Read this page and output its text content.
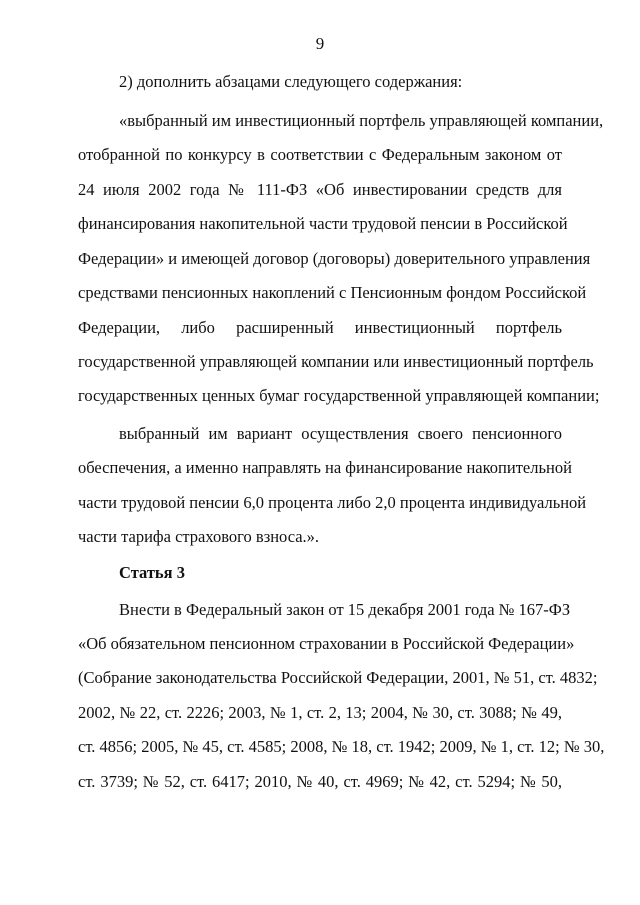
9
2) дополнить абзацами следующего содержания:
«выбранный им инвестиционный портфель управляющей компании,
отобранной по конкурсу в соответствии с Федеральным законом от
24 июля 2002 года № 111-ФЗ «Об инвестировании средств для
финансирования накопительной части трудовой пенсии в Российской
Федерации» и имеющей договор (договоры) доверительного управления
средствами пенсионных накоплений с Пенсионным фондом Российской
Федерации, либо расширенный инвестиционный портфель
государственной управляющей компании или инвестиционный портфель
государственных ценных бумаг государственной управляющей компании;
выбранный им вариант осуществления своего пенсионного
обеспечения, а именно направлять на финансирование накопительной
части трудовой пенсии 6,0 процента либо 2,0 процента индивидуальной
части тарифа страхового взноса.».
Статья 3
Внести в Федеральный закон от 15 декабря 2001 года № 167-ФЗ
«Об обязательном пенсионном страховании в Российской Федерации»
(Собрание законодательства Российской Федерации, 2001, № 51, ст. 4832;
2002, № 22, ст. 2226; 2003, № 1, ст. 2, 13; 2004, № 30, ст. 3088; № 49,
ст. 4856; 2005, № 45, ст. 4585; 2008, № 18, ст. 1942; 2009, № 1, ст. 12; № 30,
ст. 3739; № 52, ст. 6417; 2010, № 40, ст. 4969; № 42, ст. 5294; № 50,
